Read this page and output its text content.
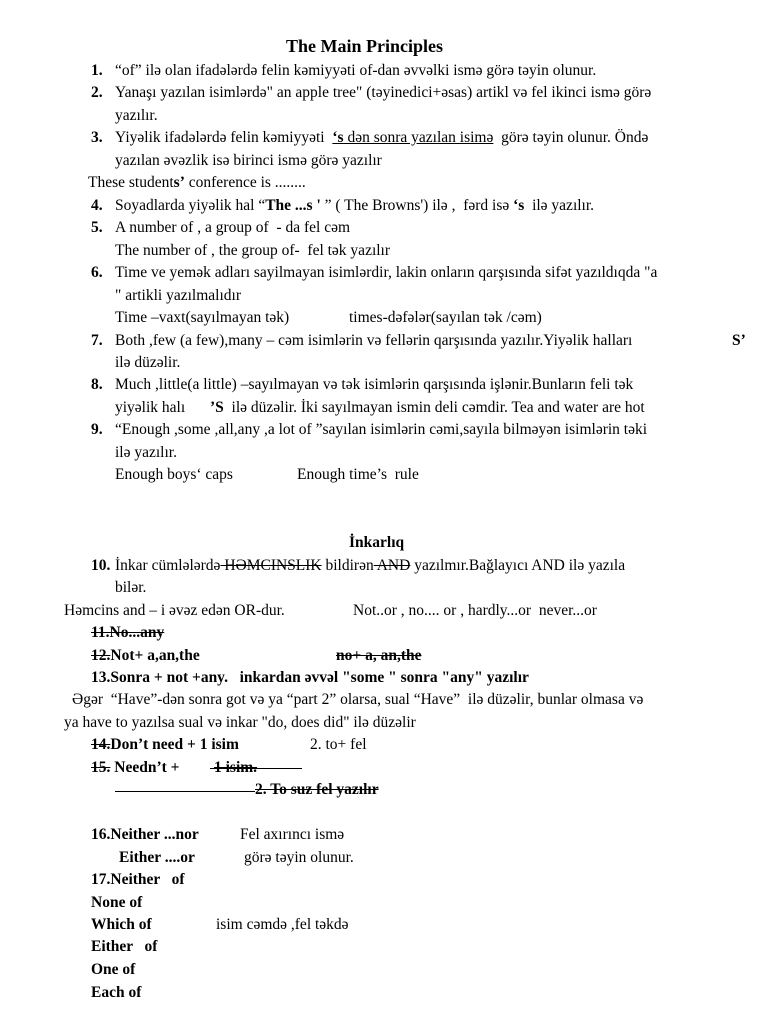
The Main Principles
1. “of” ilə olan ifadələrdə felin kəmiyyəti of-dan əvvəlki ismə görə təyin olunur.
2. Yanaşı yazılan isimlərdə" an apple tree" (təyinedici+əsas) artikl və fel ikinci ismə görə
yazılır.
3. Yiyəlik ifadələrdə felin kəmiyyəti  ‘s dən sonra yazılan isimə  görə təyin olunur. Öndə
yazılan əvəzlik isə birinci ismə görə yazılır
These students’ conference is ........
4. Soyadlarda yiyəlik hal “The ...s ' ” ( The Browns') ilə ,  fərd isə ‘s  ilə yazılır.
5. A number of , a group of  - da fel cəm
The number of , the group of-  fel tək yazılır
6. Time ve yemək adları sayilmayan isimlərdir, lakin onların qarşısında sifət yazıldıqda "a
" artikli yazılmalıdır
Time –vaxt(sayılmayan tək)	times-dəfələr(sayılan tək /cəm)
7. Both ,few (a few),many – cəm isimlərin və fellərin qarşısında yazılır.Yiyəlik halları	S’
ilə düzəlir.
8. Much ,little(a little) –sayılmayan və tək isimlərin qarşısında işlənir.Bunların feli tək
yiyəlik halı ’S  ilə düzəlir. İki sayılmayan ismin deli cəmdir. Tea and water are hot
9. “Enough ,some ,all,any ,a lot of ”sayılan isimlərin cəmi,sayıla bilməyən isimlərin təki
ilə yazılır.
Enough boys‘ caps	Enough time’s  rule
İnkarlıq
10. İnkar cümlələrdə HƏMCINSLIK bildirən AND yazılmır.Bağlayıcı AND ilə yazıla
bilər.
Həmcins and – i əvəz edən OR-dur.	Not..or , no.... or , hardly...or  never...or
11.No...any
12.Not+ a,an,the	no+ a, an,the
13.Sonra + not +any.   inkardan əvvəl "some " sonra "any" yazılır
Əgər  “Have”-dən sonra got və ya “part 2” olarsa, sual “Have”  ilə düzəlir, bunlar olmasa və
ya have to yazılsa sual və inkar "do, does did" ilə düzəlir
14.Don’t need + 1 isim	2. to+ fel
15. Needn’t + 1 isim.
2. To suz fel yazılır
16.Neither ...nor	Fel axırıncı ismə
Either ....or	görə təyin olunur.
17.Neither   of
None of
Which of	isim cəmdə ,fel təkdə
Either   of
One of
Each of
